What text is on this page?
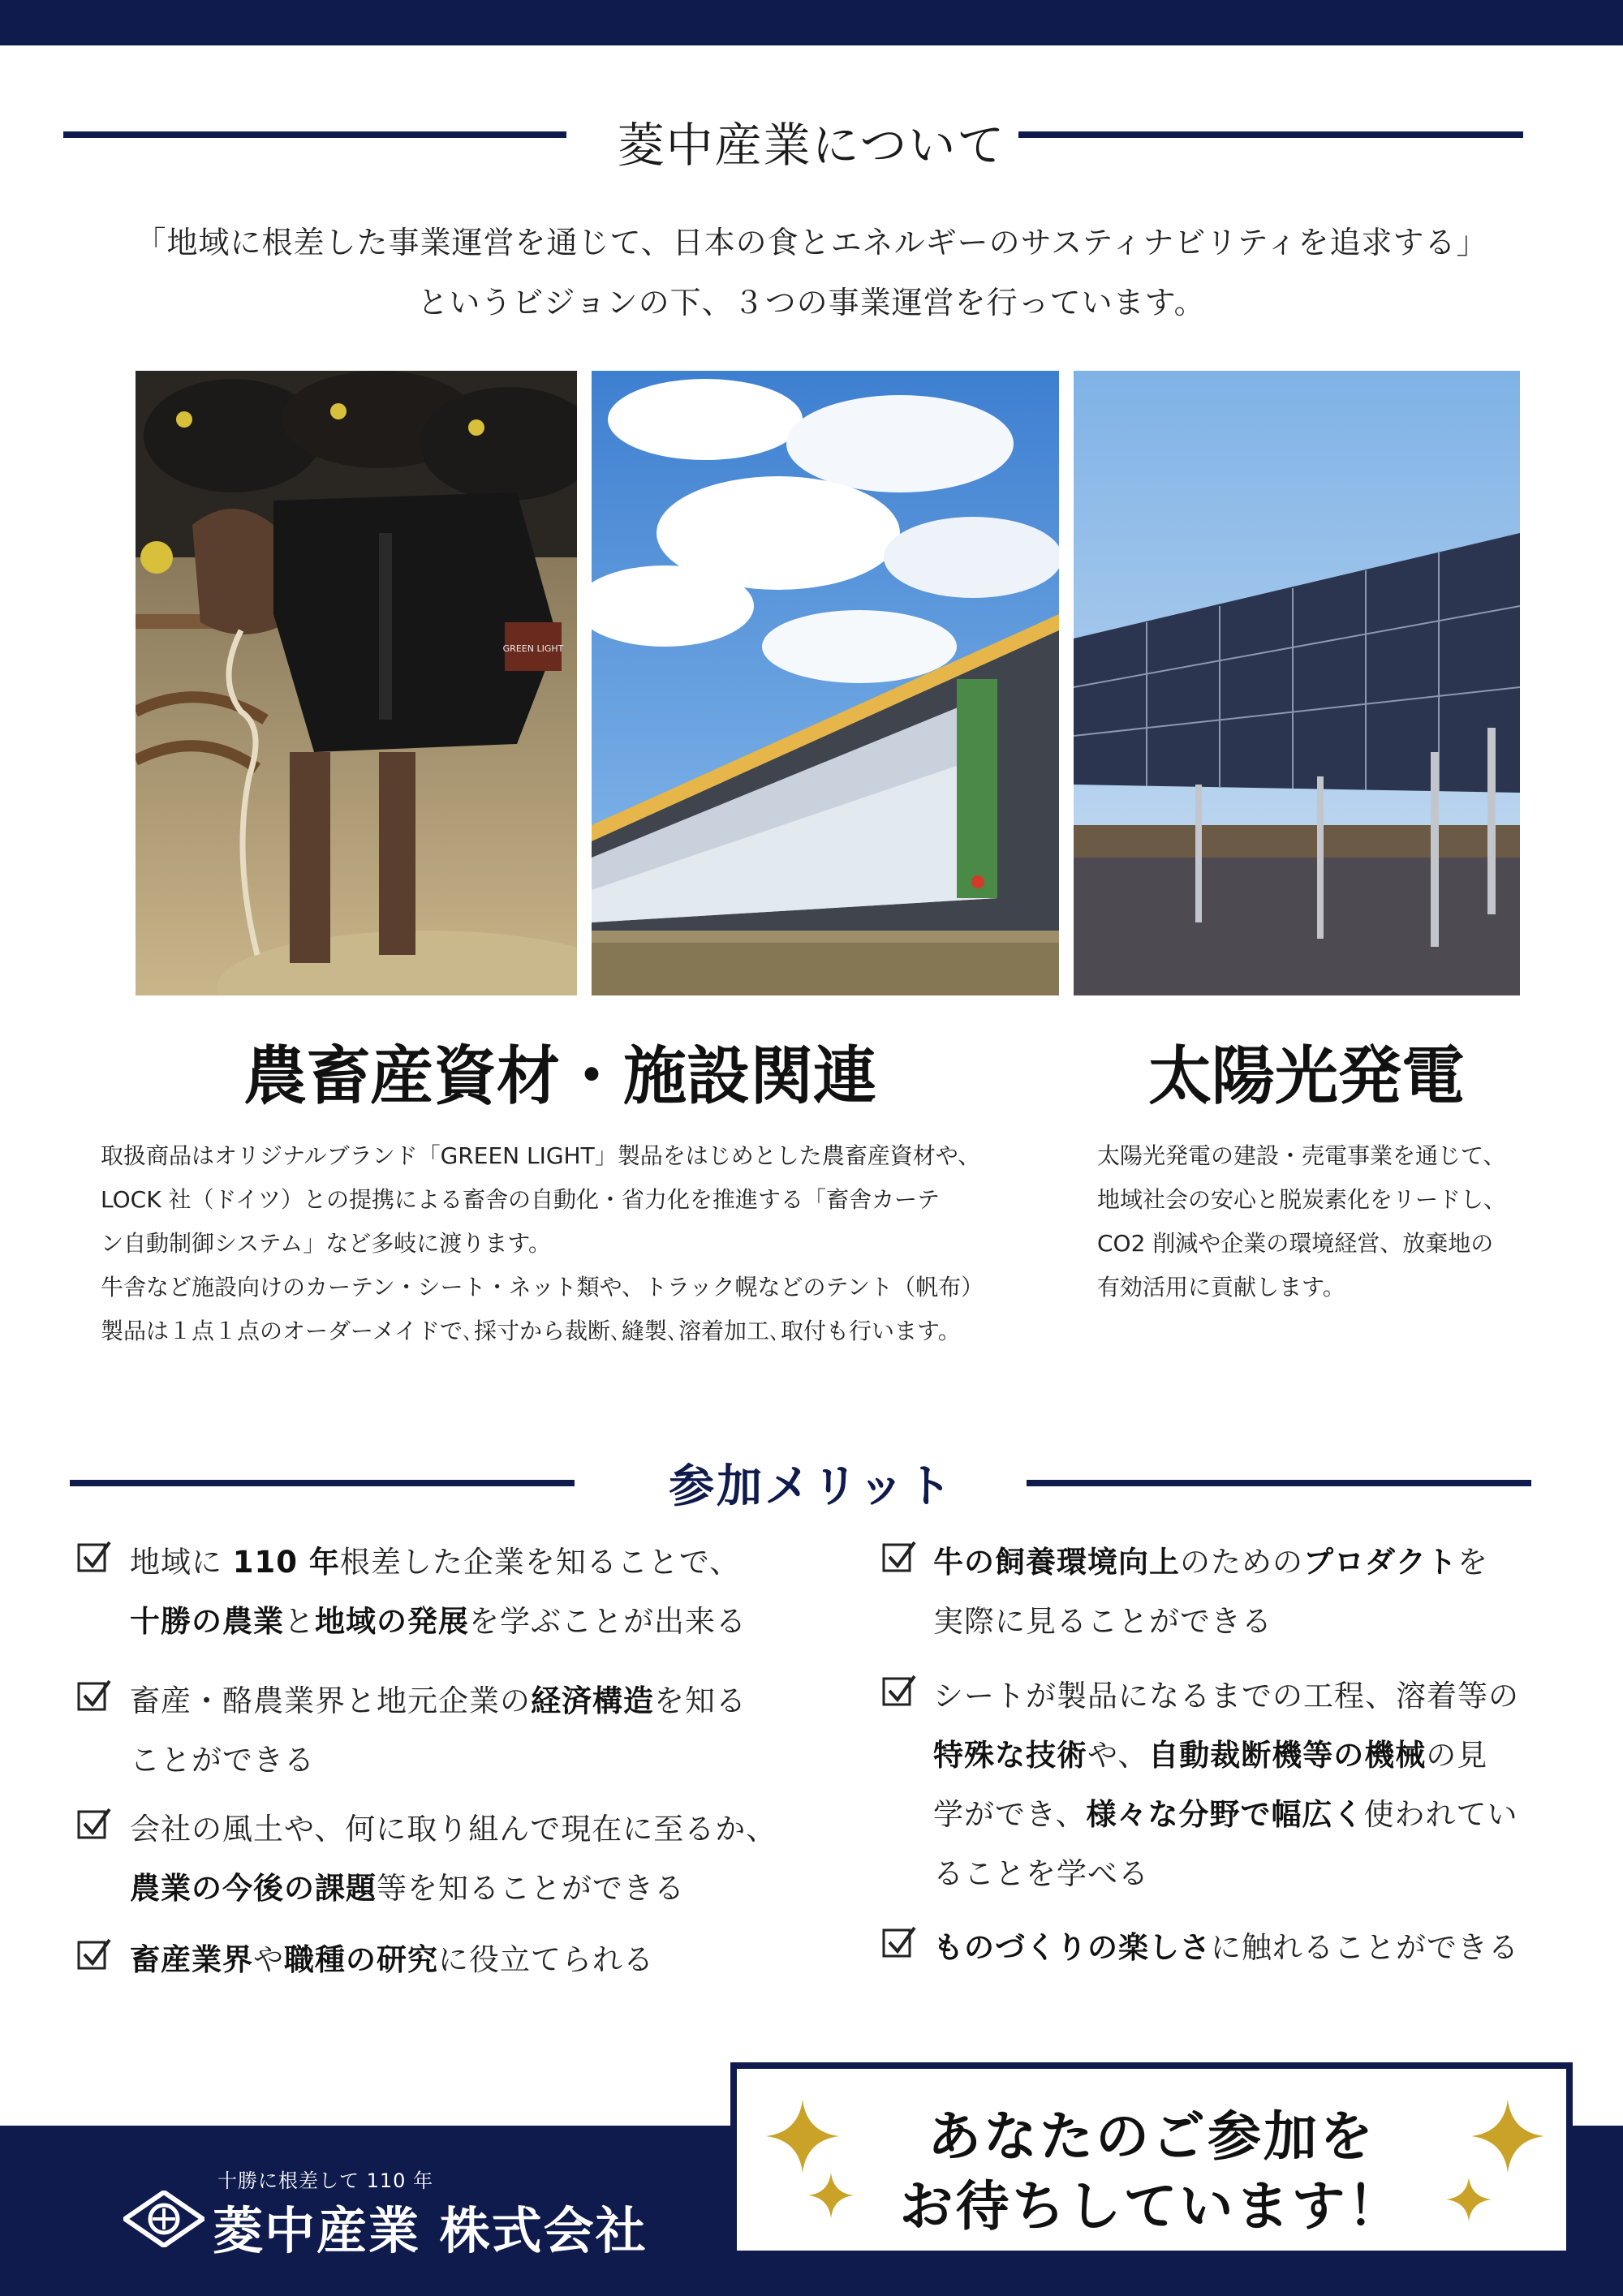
菱中産業について
「地域に根差した事業運営を通じて、日本の食とエネルギーのサスティナビリティを追求する」
というビジョンの下、３つの事業運営を行っています。
GREEN LIGHT
農畜産資材・施設関連	太陽光発電
取扱商品はオリジナルブランド「GREEN LIGHT」製品をはじめとした農畜産資材や、
LOCK 社（ドイツ）との提携による畜舎の自動化・省力化を推進する「畜舎カーテ
ン自動制御システム」など多岐に渡ります。
牛舎など施設向けのカーテン・シート・ネット類や、トラック幌などのテント（帆布）
製品は１点１点のオーダーメイドで､採寸から裁断､縫製､溶着加工､取付も行います。
太陽光発電の建設・売電事業を通じて、
地域社会の安心と脱炭素化をリードし、
CO2 削減や企業の環境経営、放棄地の
有効活用に貢献します。
参加メリット
地域に 110 年根差した企業を知ることで、
十勝の農業と地域の発展を学ぶことが出来る
畜産・酪農業界と地元企業の経済構造を知る
ことができる
会社の風土や、何に取り組んで現在に至るか、
農業の今後の課題等を知ることができる
畜産業界や職種の研究に役立てられる
牛の飼養環境向上のためのプロダクトを
実際に見ることができる
シートが製品になるまでの工程、溶着等の
特殊な技術や、自動裁断機等の機械の見
学ができ、様々な分野で幅広く使われてい
ることを学べる
ものづくりの楽しさに触れることができる
十勝に根差して 110 年
菱中産業 株式会社
あなたのご参加を
お待ちしています！
